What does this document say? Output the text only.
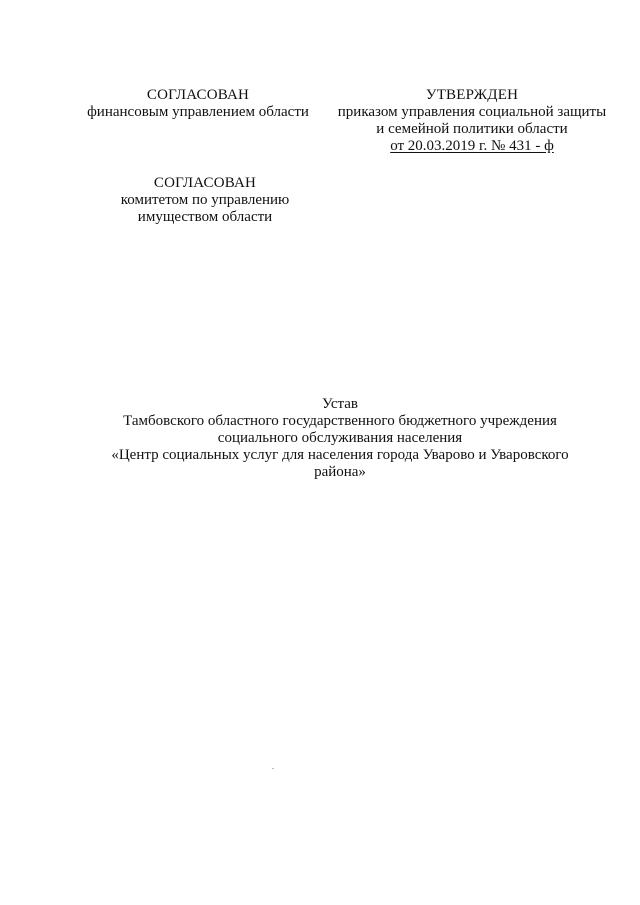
СОГЛАСОВАН
финансовым управлением области
УТВЕРЖДЕН
приказом управления социальной защиты
и семейной политики области
от 20.03.2019 г. № 431 - ф
СОГЛАСОВАН
комитетом по управлению
имуществом области
Устав
Тамбовского областного государственного бюджетного учреждения
социального обслуживания населения
«Центр социальных услуг для населения города Уварово и Уваровского
района»
